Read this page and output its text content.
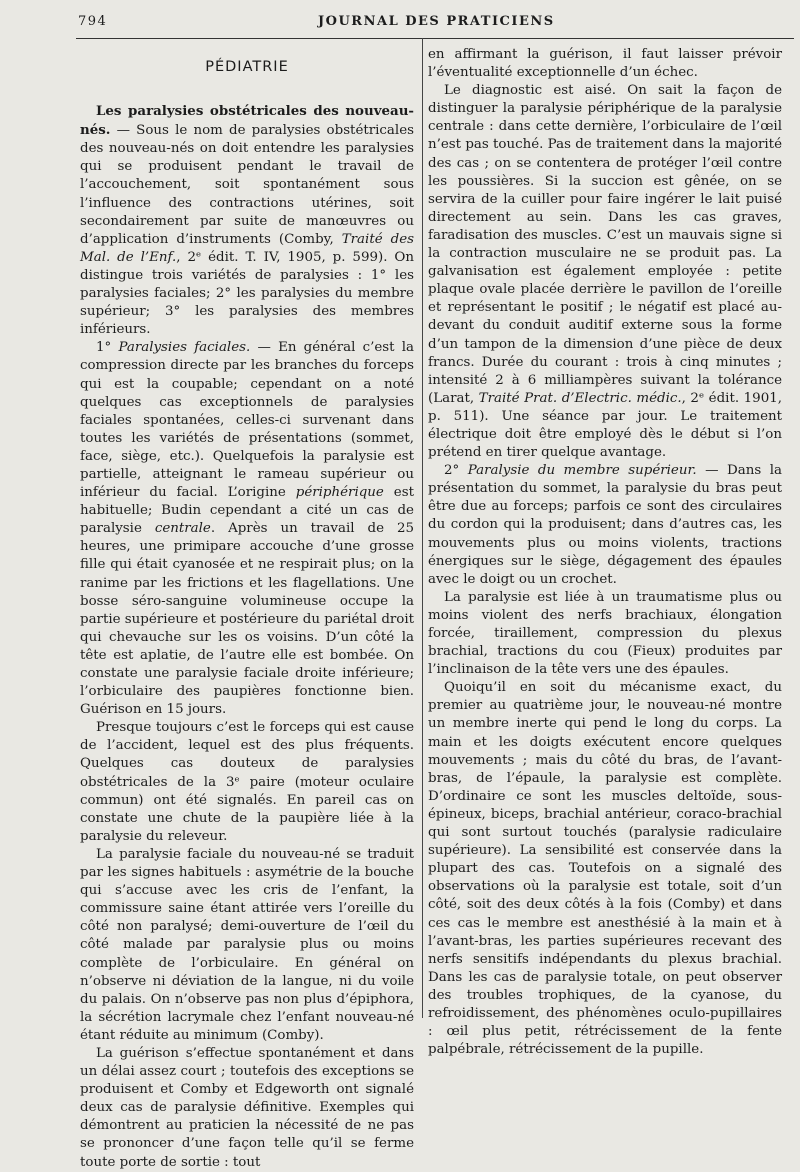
794	JOURNAL DES PRATICIENS
PÉDIATRIE

Les paralysies obstétricales des nouveau-nés. — Sous le nom de paralysies obstétricales des nouveau-nés on doit entendre les paralysies qui se produisent pendant le travail de l’accouchement, soit spontanément sous l’influence des contractions utérines, soit secondairement par suite de manœuvres ou d’application d’instruments (Comby, Traité des Mal. de l’Enf., 2ᵉ édit. T. IV, 1905, p. 599). On distingue trois variétés de paralysies : 1° les paralysies faciales; 2° les paralysies du membre supérieur; 3° les paralysies des membres inférieurs.

1° Paralysies faciales. — En général c’est la compression directe par les branches du forceps qui est la coupable; cependant on a noté quelques cas exceptionnels de paralysies faciales spontanées, celles-ci survenant dans toutes les variétés de présentations (sommet, face, siège, etc.). Quelquefois la paralysie est partielle, atteignant le rameau supérieur ou inférieur du facial. L’origine périphérique est habituelle; Budin cependant a cité un cas de paralysie centrale. Après un travail de 25 heures, une primipare accouche d’une grosse fille qui était cyanosée et ne respirait plus; on la ranime par les frictions et les flagellations. Une bosse séro-sanguine volumineuse occupe la partie supérieure et postérieure du pariétal droit qui chevauche sur les os voisins. D’un côté la tête est aplatie, de l’autre elle est bombée. On constate une paralysie faciale droite inférieure; l’orbiculaire des paupières fonctionne bien. Guérison en 15 jours.

Presque toujours c’est le forceps qui est cause de l’accident, lequel est des plus fréquents. Quelques cas douteux de paralysies obstétricales de la 3ᵉ paire (moteur oculaire commun) ont été signalés. En pareil cas on constate une chute de la paupière liée à la paralysie du releveur.

La paralysie faciale du nouveau-né se traduit par les signes habituels : asymétrie de la bouche qui s’accuse avec les cris de l’enfant, la commissure saine étant attirée vers l’oreille du côté non paralysé; demi-ouverture de l’œil du côté malade par paralysie plus ou moins complète de l’orbiculaire. En général on n’observe ni déviation de la langue, ni du voile du palais. On n’observe pas non plus d’épiphora, la sécrétion lacrymale chez l’enfant nouveau-né étant réduite au minimum (Comby).

La guérison s’effectue spontanément et dans un délai assez court ; toutefois des exceptions se produisent et Comby et Edgeworth ont signalé deux cas de paralysie définitive. Exemples qui démontrent au praticien la nécessité de ne pas se prononcer d’une façon telle qu’il se ferme toute porte de sortie : tout

en affirmant la guérison, il faut laisser prévoir l’éventualité exceptionnelle d’un échec.

Le diagnostic est aisé. On sait la façon de distinguer la paralysie périphérique de la paralysie centrale : dans cette dernière, l’orbiculaire de l’œil n’est pas touché. Pas de traitement dans la majorité des cas ; on se contentera de protéger l’œil contre les poussières. Si la succion est gênée, on se servira de la cuiller pour faire ingérer le lait puisé directement au sein. Dans les cas graves, faradisation des muscles. C’est un mauvais signe si la contraction musculaire ne se produit pas. La galvanisation est également employée : petite plaque ovale placée derrière le pavillon de l’oreille et représentant le positif ; le négatif est placé au-devant du conduit auditif externe sous la forme d’un tampon de la dimension d’une pièce de deux francs. Durée du courant : trois à cinq minutes ; intensité 2 à 6 milliampères suivant la tolérance (Larat, Traité Prat. d’Electric. médic., 2ᵉ édit. 1901, p. 511). Une séance par jour. Le traitement électrique doit être employé dès le début si l’on prétend en tirer quelque avantage.

2° Paralysie du membre supérieur. — Dans la présentation du sommet, la paralysie du bras peut être due au forceps; parfois ce sont des circulaires du cordon qui la produisent; dans d’autres cas, les mouvements plus ou moins violents, tractions énergiques sur le siège, dégagement des épaules avec le doigt ou un crochet.

La paralysie est liée à un traumatisme plus ou moins violent des nerfs brachiaux, élongation forcée, tiraillement, compression du plexus brachial, tractions du cou (Fieux) produites par l’inclinaison de la tête vers une des épaules.

Quoiqu’il en soit du mécanisme exact, du premier au quatrième jour, le nouveau-né montre un membre inerte qui pend le long du corps. La main et les doigts exécutent encore quelques mouvements ; mais du côté du bras, de l’avant-bras, de l’épaule, la paralysie est complète. D’ordinaire ce sont les muscles deltoïde, sous-épineux, biceps, brachial antérieur, coraco-brachial qui sont surtout touchés (paralysie radiculaire supérieure). La sensibilité est conservée dans la plupart des cas. Toutefois on a signalé des observations où la paralysie est totale, soit d’un côté, soit des deux côtés à la fois (Comby) et dans ces cas le membre est anesthésié à la main et à l’avant-bras, les parties supérieures recevant des nerfs sensitifs indépendants du plexus brachial. Dans les cas de paralysie totale, on peut observer des troubles trophiques, de la cyanose, du refroidissement, des phénomènes oculo-pupillaires : œil plus petit, rétrécissement de la fente palpébrale, rétrécissement de la pupille.
